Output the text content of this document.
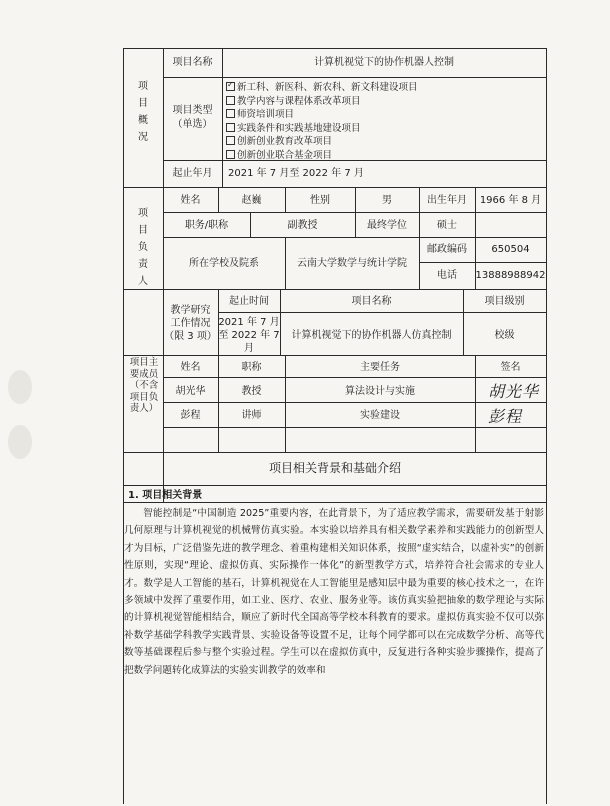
项目概况
项目名称	计算机视觉下的协作机器人控制
项目类型
（单选）
✓新工科、新医科、新农科、新文科建设项目
教学内容与课程体系改革项目
师资培训项目
实践条件和实践基地建设项目
创新创业教育改革项目
创新创业联合基金项目
起止年月	2021 年 7 月至 2022 年 7 月
项目负责人
姓名	赵巍	性别	男	出生年月	1966 年 8 月
职务/职称	副教授	最终学位	硕士
所在学校及院系	云南大学数学与统计学院
邮政编码	650504
电话	13888988942
教学研究
工作情况
（限 3 项）
起止时间	项目名称	项目级别
2021 年 7 月
至 2022 年 7
月
计算机视觉下的协作机器人仿真控制	校级
项目主要成员（不含项目负责人）
姓名	职称	主要任务	签名
胡光华	教授	算法设计与实施	胡光华
彭程	讲师	实验建设	彭程
项目相关背景和基础介绍
1. 项目相关背景
智能控制是“中国制造 2025”重要内容，在此背景下，为了适应教学需求，需要研发基于射影几何原理与计算机视觉的机械臂仿真实验。本实验以培养具有相关数学素养和实践能力的创新型人才为目标，广泛借鉴先进的教学理念、着重构建相关知识体系，按照“虚实结合，以虚补实”的创新性原则，实现“理论、虚拟仿真、实际操作一体化”的新型教学方式，培养符合社会需求的专业人才。数学是人工智能的基石，计算机视觉在人工智能里是感知层中最为重要的核心技术之一，在许多领域中发挥了重要作用，如工业、医疗、农业、服务业等。该仿真实验把抽象的数学理论与实际的计算机视觉智能相结合，顺应了新时代全国高等学校本科教育的要求。虚拟仿真实验不仅可以弥补数学基础学科教学实践背景、实验设备等设置不足，让每个同学都可以在完成数学分析、高等代数等基础课程后参与整个实验过程。学生可以在虚拟仿真中，反复进行各种实验步骤操作，提高了把数学问题转化成算法的实验实训教学的效率和
